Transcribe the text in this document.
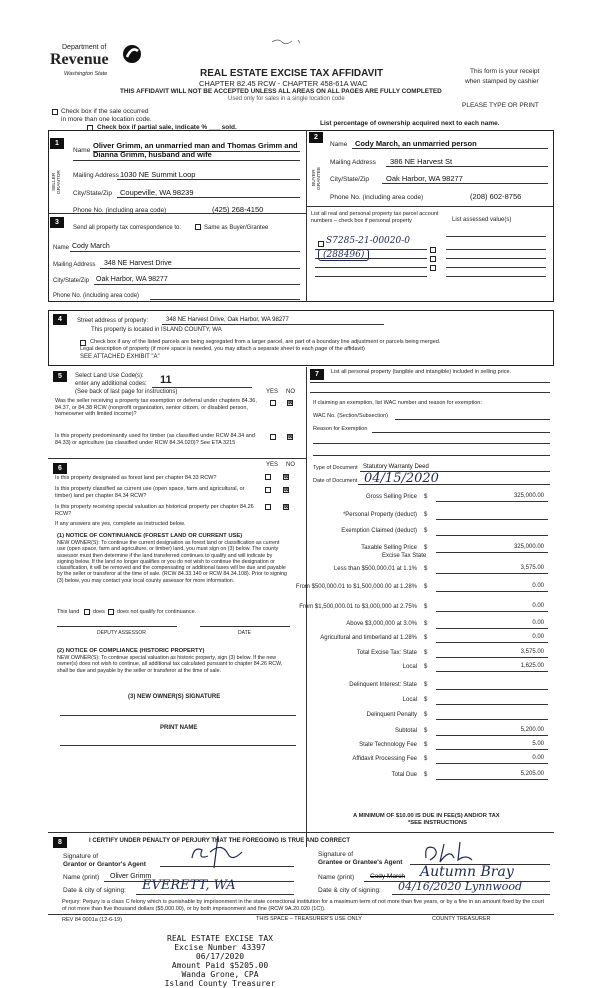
Department of
Revenue
Washington State	REAL ESTATE EXCISE TAX AFFIDAVIT
CHAPTER 82.45 RCW - CHAPTER 458-61A WAC
THIS AFFIDAVIT WILL NOT BE ACCEPTED UNLESS ALL AREAS ON ALL PAGES ARE FULLY COMPLETED
Used only for sales in a single location code
This form is your receipt
when stamped by cashier
PLEASE TYPE OR PRINT
Check box if the sale occurred
in more than one location code.
Check box if partial sale, indicate % ___ sold.
List percentage of ownership acquired next to each name.
1
SELLER GRANTOR
Name
Oliver Grimm, an unmarried man and Thomas Grimm and Dianna Grimm, husband and wife
Mailing Address 1030 NE Summit Loop
City/State/Zip Coupeville, WA 98239
Phone No. (including area code)	(425) 268-4150
2
BUYER GRANTEE
Name Cody March, an unmarried person
Mailing Address 386 NE Harvest St
City/State/Zip Oak Harbor, WA 98277
Phone No. (including area code)	(208) 602-8756
3
Send all property tax correspondence to:	Same as Buyer/Grantee
Name Cody March
Mailing Address 348 NE Harvest Drive
City/State/Zip Oak Harbor, WA 98277
Phone No. (including area code)
List all real and personal property tax parcel account numbers – check box if personal property	List assessed value(s)
S7285-21-00020-0
(288496)
4	Street address of property:	348 NE Harvest Drive, Oak Harbor, WA 98277
This property is located in ISLAND COUNTY, WA
Check box if any of the listed parcels are being segregated from a larger parcel, are part of a boundary line adjustment or parcels being merged.
Legal description of property (if more space is needed, you may attach a separate sheet to each page of the affidavit)
SEE ATTACHED EXHIBIT "A"
5	Select Land Use Code(s):
enter any additional codes: 11
(See back of last page for instructions)	YES NO
Was the seller receiving a property tax exemption or deferral under chapters 84.36, 84.37, or 84.38 RCW (nonprofit organization, senior citizen, or disabled person, homeowner with limited income)?
⊠
Is this property predominantly used for timber (as classified under RCW 84.34 and 84.33) or agriculture (as classified under RCW 84.34.020)? See ETA 3215
⊠
6	YES NO
Is this property designated as forest land per chapter 84.33 RCW?	⊠
Is this property classified as current use (open space, farm and agricultural, or timber) land per chapter 84.34 RCW?
⊠
Is this property receiving special valuation as historical property per chapter 84.26 RCW?
⊠
If any answers are yes, complete as instructed below.
(1) NOTICE OF CONTINUANCE (FOREST LAND OR CURRENT USE)
NEW OWNER(S): To continue the current designation as forest land or classification as current use (open space, farm and agriculture, or timber) land, you must sign on (3) below. The county assessor must then determine if the land transferred continues to qualify and will indicate by signing below. If the land no longer qualifies or you do not wish to continue the designation or classification, it will be removed and the compensating or additional taxes will be due and payable by the seller or transferor at the time of sale. (RCW 84.33.140 or RCW 84.34.108). Prior to signing (3) below, you may contact your local county assessor for more information.
This land does does not qualify for continuance.
DEPUTY ASSESSOR	DATE
(2) NOTICE OF COMPLIANCE (HISTORIC PROPERTY)
NEW OWNER(S): To continue special valuation as historic property, sign (3) below. If the new owner(s) does not wish to continue, all additional tax calculated pursuant to chapter 84.26 RCW, shall be due and payable by the seller or transferor at the time of sale.
(3) NEW OWNER(S) SIGNATURE
PRINT NAME
7	List all personal property (tangible and intangible) included in selling price.
If claiming an exemption, list WAC number and reason for exemption:
WAC No. (Section/Subsection)
Reason for Exemption
Type of Document Statutory Warranty Deed
Date of Document 04/15/2020
Gross Selling Price $	325,000.00
*Personal Property (deduct) $
Exemption Claimed (deduct) $
Taxable Selling Price $	325,000.00
Less than $500,000.01 at 1.1% $	3,575.00
From $500,000.01 to $1,500,000.00 at 1.28% $	0.00
From $1,500,000.01 to $3,000,000 at 2.75% $	0.00
Above $3,000,000 at 3.0% $	0.00
Agricultural and timberland at 1.28% $	0.00
Total Excise Tax: State $	3,575.00
Local $	1,625.00
Delinquent Interest: State $
Local $
Delinquent Penalty $
Subtotal $	5,200.00
State Technology Fee $	5.00
Affidavit Processing Fee $	0.00
Total Due $	5,205.00
Excise Tax State
A MINIMUM OF $10.00 IS DUE IN FEE(S) AND/OR TAX
*SEE INSTRUCTIONS
8	I CERTIFY UNDER PENALTY OF PERJURY THAT THE FOREGOING IS TRUE AND CORRECT
Signature of
Grantor or Grantor's Agent
Name (print) Oliver Grimm
Date & city of signing: EVERETT, WA
Signature of
Grantee or Grantee's Agent
Name (print) Cody March Autumn Bray
Date & city of signing: 04/16/2020 Lynnwood
Perjury: Perjury is a class C felony which is punishable by imprisonment in the state correctional institution for a maximum term of not more than five years, or by a fine in an amount fixed by the court of not more than five thousand dollars ($5,000.00), or by both imprisonment and fine (RCW 9A.20.020 (1C)).
REV 84 0001a (12-6-19)	THIS SPACE – TREASURER'S USE ONLY	COUNTY TREASURER
REAL ESTATE EXCISE TAX
Excise Number 43397
06/17/2020
Amount Paid $5205.00
Wanda Grone, CPA
Island County Treasurer
